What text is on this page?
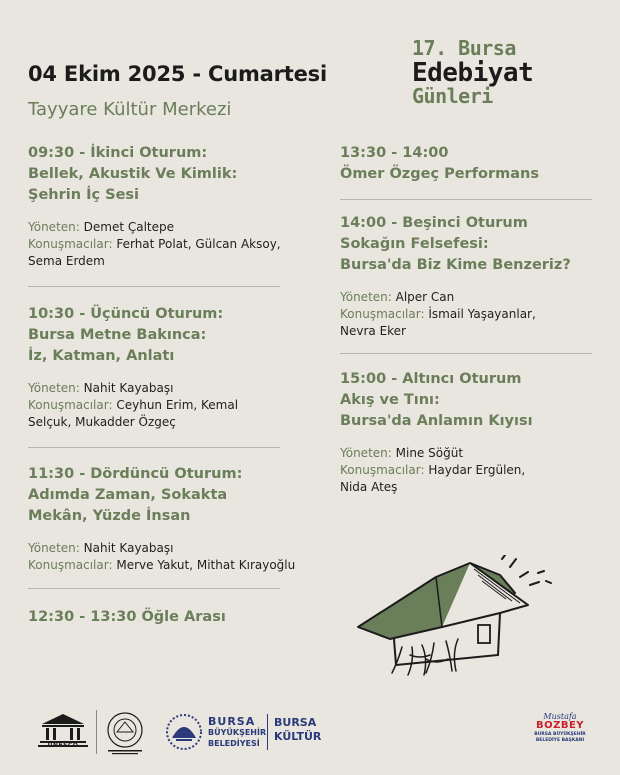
04 Ekim 2025 - Cumartesi
Tayyare Kültür Merkezi
17. Bursa
Edebiyat
Günleri
09:30 - İkinci Oturum:
Bellek, Akustik Ve Kimlik:
Şehrin İç Sesi
Yöneten: Demet Çaltepe
Konuşmacılar: Ferhat Polat, Gülcan Aksoy,
Sema Erdem
10:30 - Üçüncü Oturum:
Bursa Metne Bakınca:
İz, Katman, Anlatı
Yöneten: Nahit Kayabaşı
Konuşmacılar: Ceyhun Erim, Kemal
Selçuk, Mukadder Özgeç
11:30 - Dördüncü Oturum:
Adımda Zaman, Sokakta
Mekân, Yüzde İnsan
Yöneten: Nahit Kayabaşı
Konuşmacılar: Merve Yakut, Mithat Kırayoğlu
12:30 - 13:30 Öğle Arası
13:30 - 14:00
Ömer Özgeç Performans
14:00 - Beşinci Oturum
Sokağın Felsefesi:
Bursa'da Biz Kime Benzeriz?
Yöneten: Alper Can
Konuşmacılar: İsmail Yaşayanlar,
Nevra Eker
15:00 - Altıncı Oturum
Akış ve Tını:
Bursa'da Anlamın Kıyısı
Yöneten: Mine Söğüt
Konuşmacılar: Haydar Ergülen,
Nida Ateş
UNESCO
BURSA
BÜYÜKŞEHİR
BELEDİYESİ
BURSA
KÜLTÜR
Mustafa
BOZBEY
BURSA BÜYÜKŞEHİR
BELEDİYE BAŞKANI
